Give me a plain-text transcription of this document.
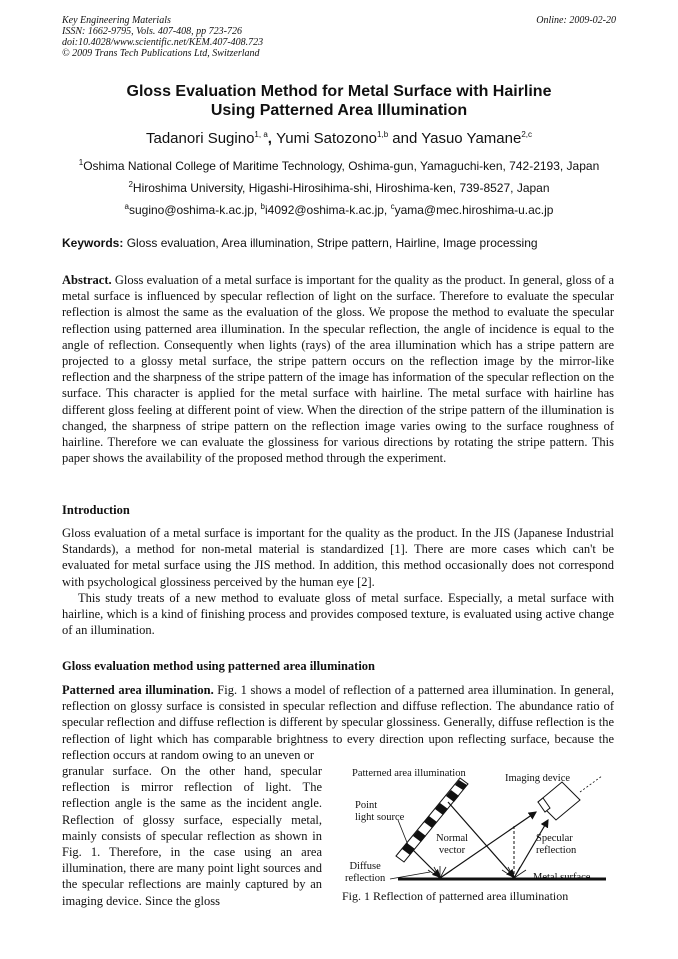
Key Engineering Materials
ISSN: 1662-9795, Vols. 407-408, pp 723-726
doi:10.4028/www.scientific.net/KEM.407-408.723
© 2009 Trans Tech Publications Ltd, Switzerland
Online: 2009-02-20
Gloss Evaluation Method for Metal Surface with Hairline
Using Patterned Area Illumination
Tadanori Sugino$^{1, a}$, Yumi Satozono$^{1,b}$ and Yasuo Yamane$^{2,c}$
$^1$Oshima National College of Maritime Technology, Oshima-gun, Yamaguchi-ken, 742-2193, Japan
$^2$Hiroshima University, Higashi-Hirosihima-shi, Hiroshima-ken, 739-8527, Japan
$^a$sugino@oshima-k.ac.jp, $^b$i4092@oshima-k.ac.jp, $^c$yama@mec.hiroshima-u.ac.jp
Keywords: Gloss evaluation, Area illumination, Stripe pattern, Hairline, Image processing
Abstract. Gloss evaluation of a metal surface is important for the quality as the product. In general, gloss of a metal surface is influenced by specular reflection of light on the surface. Therefore to evaluate the specular reflection is almost the same as the evaluation of the gloss. We propose the method to evaluate the specular reflection using patterned area illumination. In the specular reflection, the angle of incidence is equal to the angle of reflection. Consequently when lights (rays) of the area illumination which has a stripe pattern are projected to a glossy metal surface, the stripe pattern occurs on the reflection image by the mirror-like reflection and the sharpness of the stripe pattern of the image has information of the specular reflection on the surface. This character is applied for the metal surface with hairline. The metal surface with hairline has different gloss feeling at different point of view. When the direction of the stripe pattern of the illumination is changed, the sharpness of stripe pattern on the reflection image varies owing to the surface roughness of hairline. Therefore we can evaluate the glossiness for various directions by rotating the stripe pattern. This paper shows the availability of the proposed method through the experiment.
Introduction
Gloss evaluation of a metal surface is important for the quality as the product. In the JIS (Japanese Industrial Standards), a method for non-metal material is standardized [1]. There are more cases which can't be evaluated for metal surface using the JIS method. In addition, this method occasionally does not correspond with psychological glossiness perceived by the human eye [2].
This study treats of a new method to evaluate gloss of metal surface. Especially, a metal surface with hairline, which is a kind of finishing process and provides composed texture, is evaluated using active change of an illumination.
Gloss evaluation method using patterned area illumination
Patterned area illumination. Fig. 1 shows a model of reflection of a patterned area illumination. In general, reflection on glossy surface is consisted in specular reflection and diffuse reflection. The abundance ratio of specular reflection and diffuse reflection is different by specular glossiness. Generally, diffuse reflection is the reflection of light which has comparable brightness to every direction upon reflecting surface, because the reflection occurs at random owing to an uneven or
granular surface. On the other hand, specular reflection is mirror reflection of light. The reflection angle is the same as the incident angle. Reflection of glossy surface, especially metal, mainly consists of specular reflection as shown in Fig. 1. Therefore, in the case using an area illumination, there are many point light sources and the specular reflections are mainly captured by an imaging device. Since the gloss
Patterned area illumination	Imaging device
Point
light source
Normal
vector
Specular
reflection
Diffuse
reflection	Metal surface
Fig. 1 Reflection of patterned area illumination
